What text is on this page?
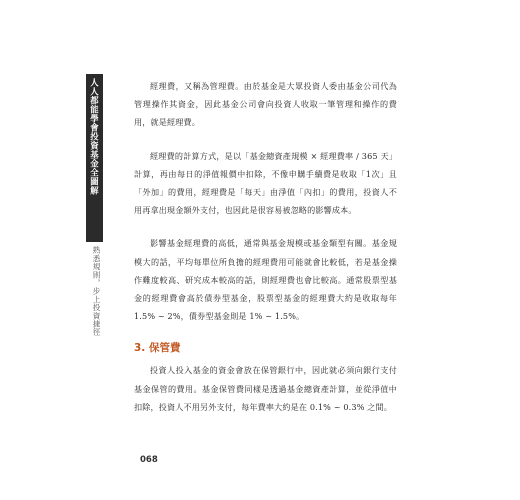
人人都能學會投資基金全圖解
熟悉規則，步上投資捷徑

經理費，又稱為管理費。由於基金是大眾投資人委由基金公司代為管理操作其資金，因此基金公司會向投資人收取一筆管理和操作的費用，就是經理費。

經理費的計算方式，是以「基金總資產規模 × 經理費率 ∕ 365 天」計算，再由每日的淨值報價中扣除，不像申購手續費是收取「1次」且「外加」的費用，經理費是「每天」由淨值「內扣」的費用，投資人不用再拿出現金額外支付，也因此是很容易被忽略的影響成本。

影響基金經理費的高低，通常與基金規模或基金類型有關。基金規模大的話，平均每單位所負擔的經理費用可能就會比較低，若是基金操作難度較高、研究成本較高的話，則經理費也會比較高。通常股票型基金的經理費會高於債券型基金，股票型基金的經理費大約是收取每年 1.5% ~ 2%，債券型基金則是 1% ~ 1.5%。

3. 保管費

投資人投入基金的資金會放在保管銀行中，因此就必須向銀行支付基金保管的費用。基金保管費同樣是透過基金總資產計算，並從淨值中扣除，投資人不用另外支付，每年費率大約是在 0.1% ~ 0.3% 之間。

068
